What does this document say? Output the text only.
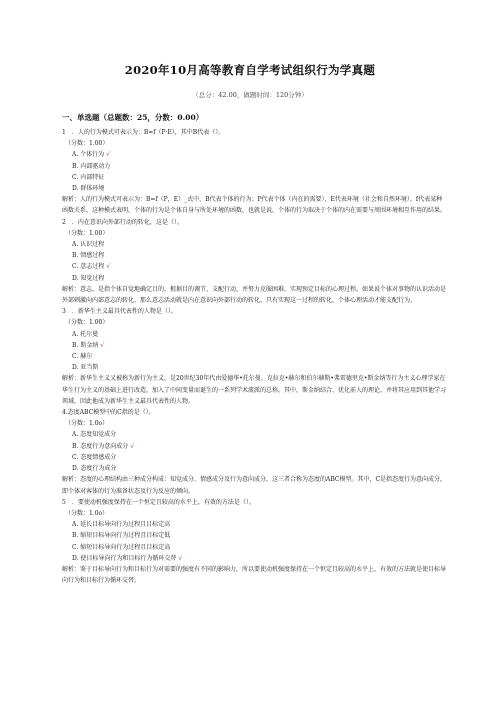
2020年10月高等教育自学考试组织行为学真题
（总分：42.00，做题时间：120分钟）
一、单选题（总题数：25，分数：0.00）
1　．人的行为模式可表示为：B=f（P·E），其中B代表（）。
（分数：1.00）
A. 个体行为 √
B. 内部驱动力
C. 内部特征
D. 群体环境
解析：人的行为模式可表示为：B=f（P，E）_式中，B代表个体的行为；P代表个体（内在的需要），E代表环境（社会和自然环境），f代表某种函数关系，这种模式表明，个体的行为是个体自身与所处环境的函数，也就是说，个体的行为取决于个体的内在需要与周围环境相互作用的结果。
2　．内在意识向外部行动的转化，这是（）。
（分数：1.00）
A. 认识过程
B. 情感过程
C. 意志过程 √
D. 知觉过程
解析：意志，是指个体自觉地确定目的，根据目的调节、支配行动，并努力克服困难，实现预定目标的心理过程。如果说个体对事物的认识活动是外部刺激向内部意志的转化，那么意志活动就是内在意识向外部行动的转化。只有实现这一过程的转化，个体心理活动才能支配行为。
3　．新华生主义最具代表性的人物是（）。
（分数：1.00）
A. 托尔曼
B. 斯金纳 √
C. 赫尔
D. 亚当斯
解析：新华生主义又被称为新行为主义，是20世纪30年代由爱德华•托尔曼、克拉克•赫尔和伯尔赫斯•弗雷德里克•斯金纳等行为主义心理学家在华生行为主义的基础上进行改造，加入了中间变量而诞生的一系列学术流派的总称。其中，斯金纳结合、优化前人的理论，并将其应用到其他学习领域，因此他成为新华生主义最具代表性的人物。
4.态度ABC模型中的C指的是（）。
（分数：1.0o）
A. 态度知觉成分
B. 态度行为意向成分 √
C. 态度情感成分
D. 态度行为成分
解析：态度的心理结构由三种成分构成：知觉成分、情感成分及行为意向成分，这三者合称为态度的ABC模型。其中，C是指态度行为意向成分，即个体对客体的行为准备状态及行为反应的倾向。
5　．要使动机强度保持在一个恒定且较高的水平上，有效的方法是（）。
（分数：1.0o）
A. 延长目标导向行为过程且目标定高
B. 缩短目标导向行为过程且目标定低
C. 缩短目标导向行为过程且目标定高
D. 使目标导向行为和目标行为循环交替 √
解析：鉴于目标导向行为和目标行为对需要的强度有不同的影响力，所以要使动机强度保持在一个恒定且较高的水平上，有效的方法就是使目标导向行为和目标行为循环交替。
